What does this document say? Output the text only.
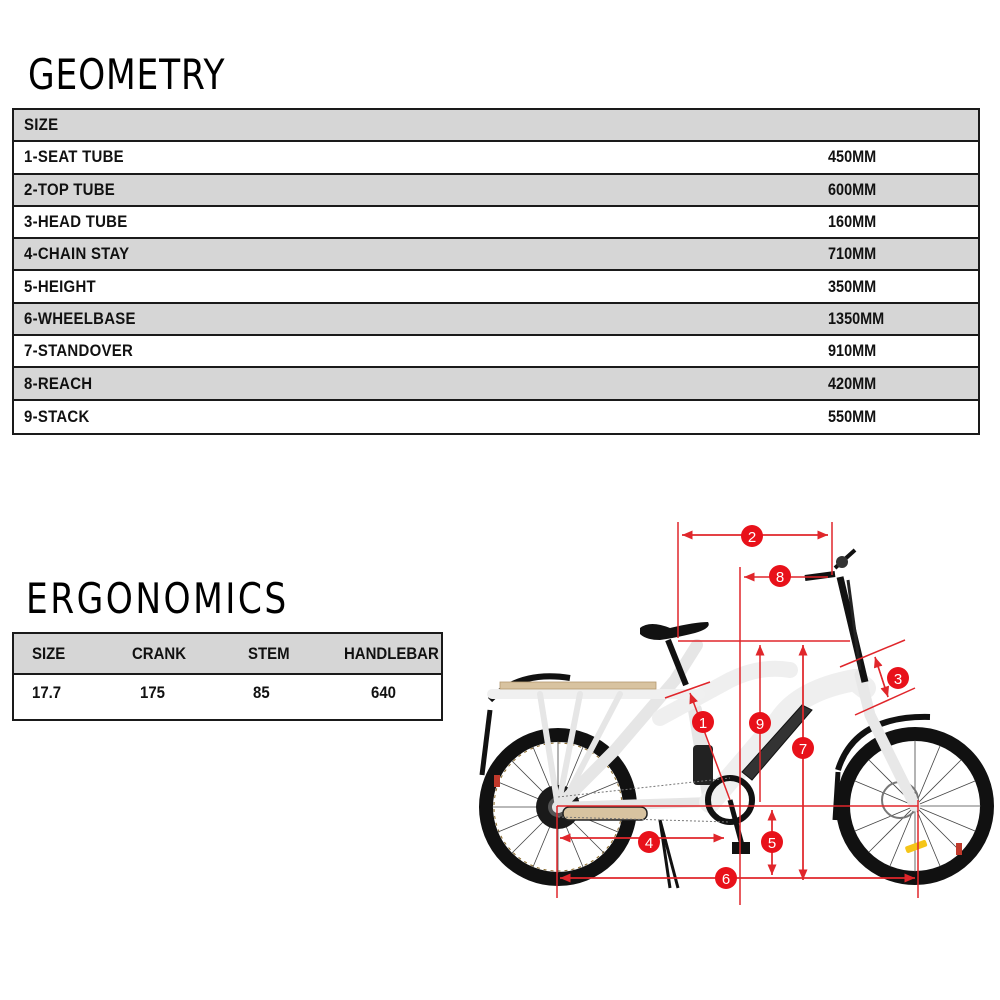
GEOMETRY
SIZE
1-SEAT TUBE	450MM
2-TOP TUBE	600MM
3-HEAD TUBE	160MM
4-CHAIN STAY	710MM
5-HEIGHT	350MM
6-WHEELBASE	1350MM
7-STANDOVER	910MM
8-REACH	420MM
9-STACK	550MM
ERGONOMICS
SIZE	CRANK	STEM	HANDLEBAR
17.7	175	85	640
1
2
3
4	5
6
7
8
9
